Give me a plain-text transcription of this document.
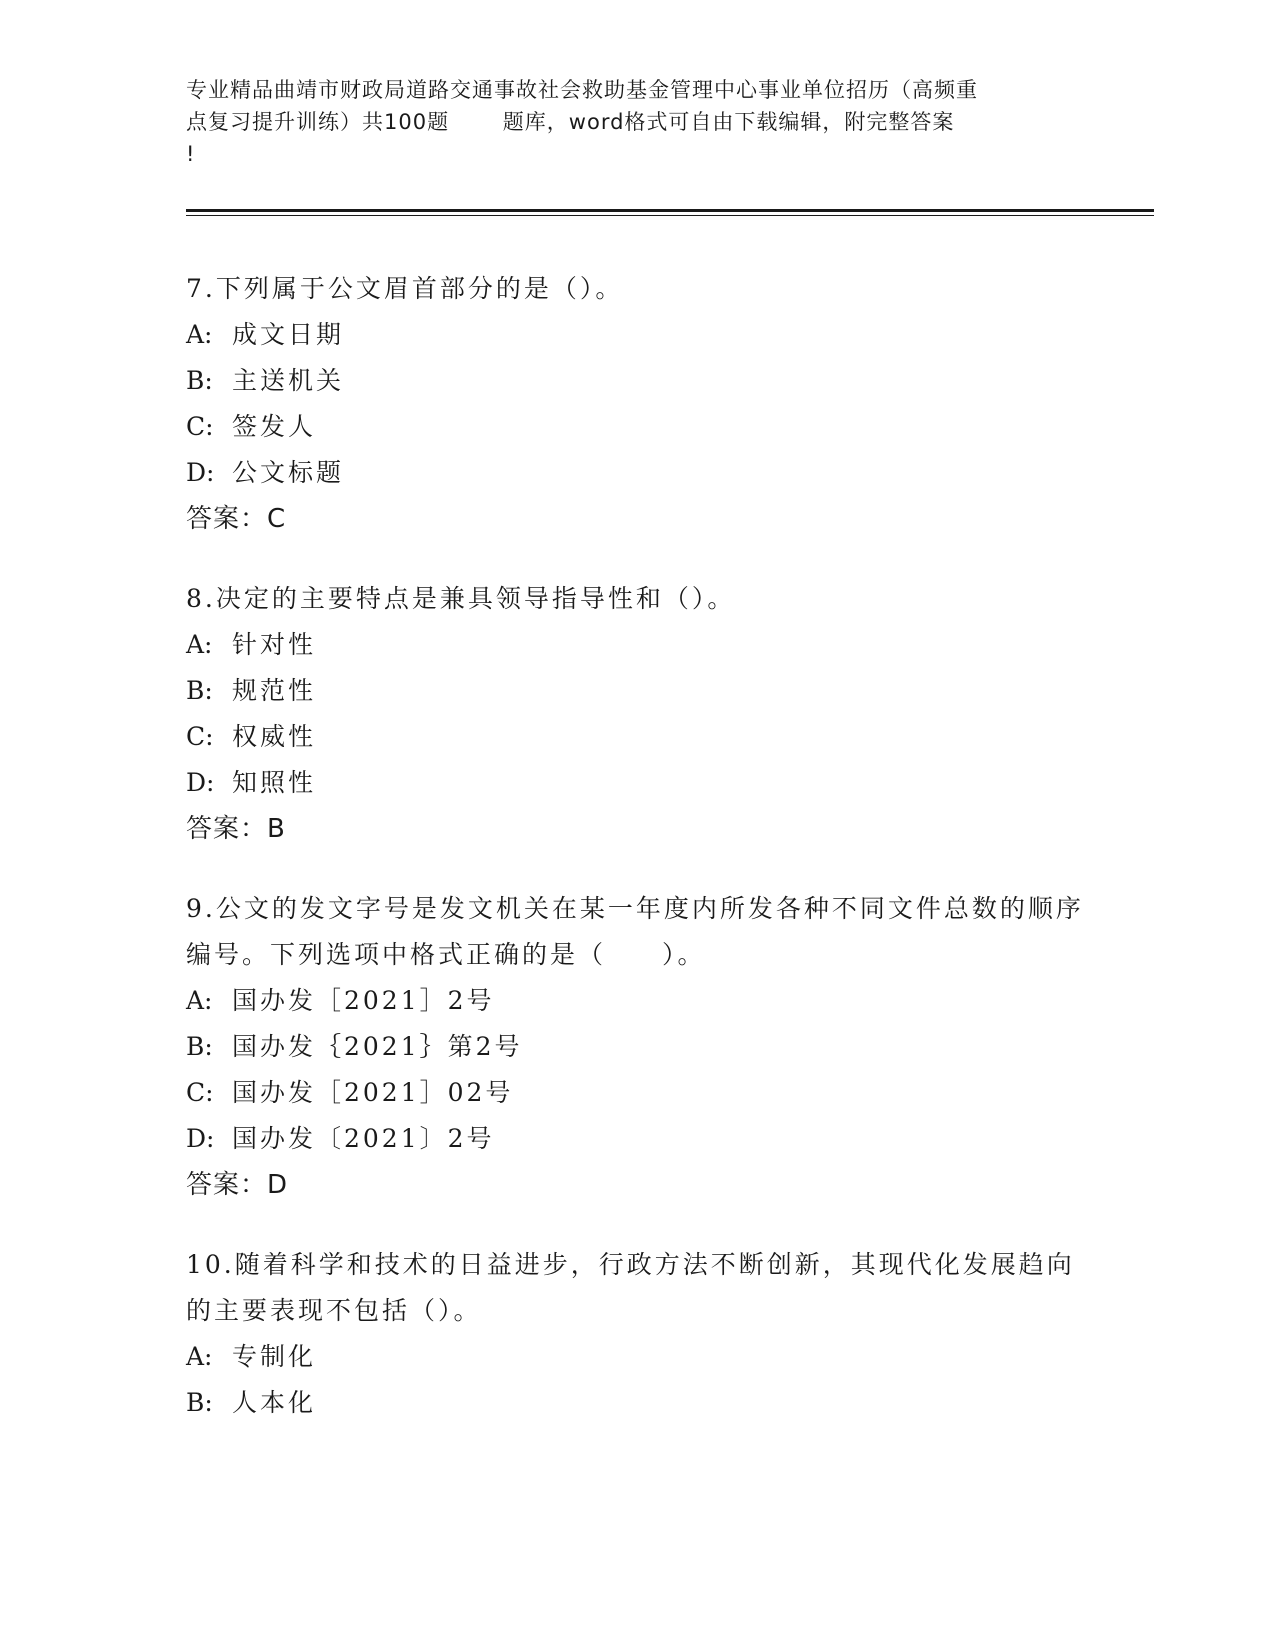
专业精品曲靖市财政局道路交通事故社会救助基金管理中心事业单位招历（高频重
点复习提升训练）共100题       题库，word格式可自由下载编辑，附完整答案
!
7.下列属于公文眉首部分的是（）。
A: 成文日期
B: 主送机关
C: 签发人
D: 公文标题
答案：C
8.决定的主要特点是兼具领导指导性和（）。
A: 针对性
B: 规范性
C: 权威性
D: 知照性
答案：B
9.公文的发文字号是发文机关在某一年度内所发各种不同文件总数的顺序编号。下列选项中格式正确的是（　　）。
A: 国办发［2021］2号
B: 国办发｛2021｝第2号
C: 国办发［2021］02号
D: 国办发〔2021〕2号
答案：D
10.随着科学和技术的日益进步，行政方法不断创新，其现代化发展趋向的主要表现不包括（）。
A: 专制化
B: 人本化
